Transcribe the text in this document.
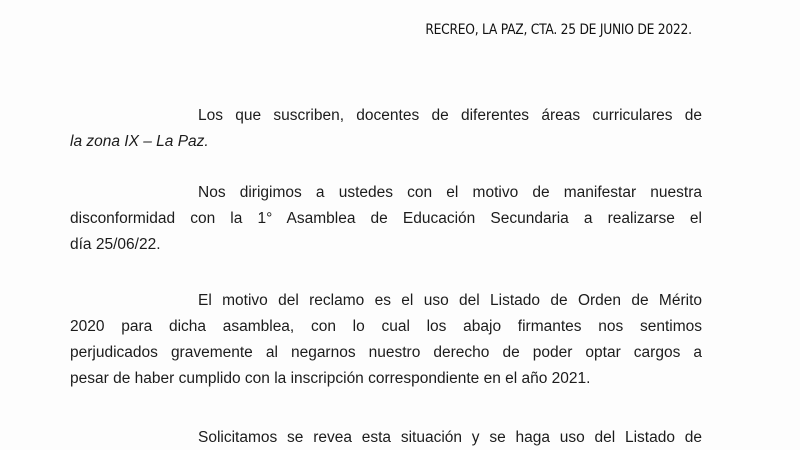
RECREO, LA PAZ, CTA. 25 DE JUNIO DE 2022.
Los que suscriben, docentes de diferentes áreas curriculares de
la zona IX – La Paz.
Nos dirigimos a ustedes con el motivo de manifestar nuestra
disconformidad con la 1° Asamblea de Educación Secundaria a realizarse el
día 25/06/22.
El motivo del reclamo es el uso del Listado de Orden de Mérito
2020 para dicha asamblea, con lo cual los abajo firmantes nos sentimos
perjudicados gravemente al negarnos nuestro derecho de poder optar cargos a
pesar de haber cumplido con la inscripción correspondiente en el año 2021.
Solicitamos se revea esta situación y se haga uso del Listado de
